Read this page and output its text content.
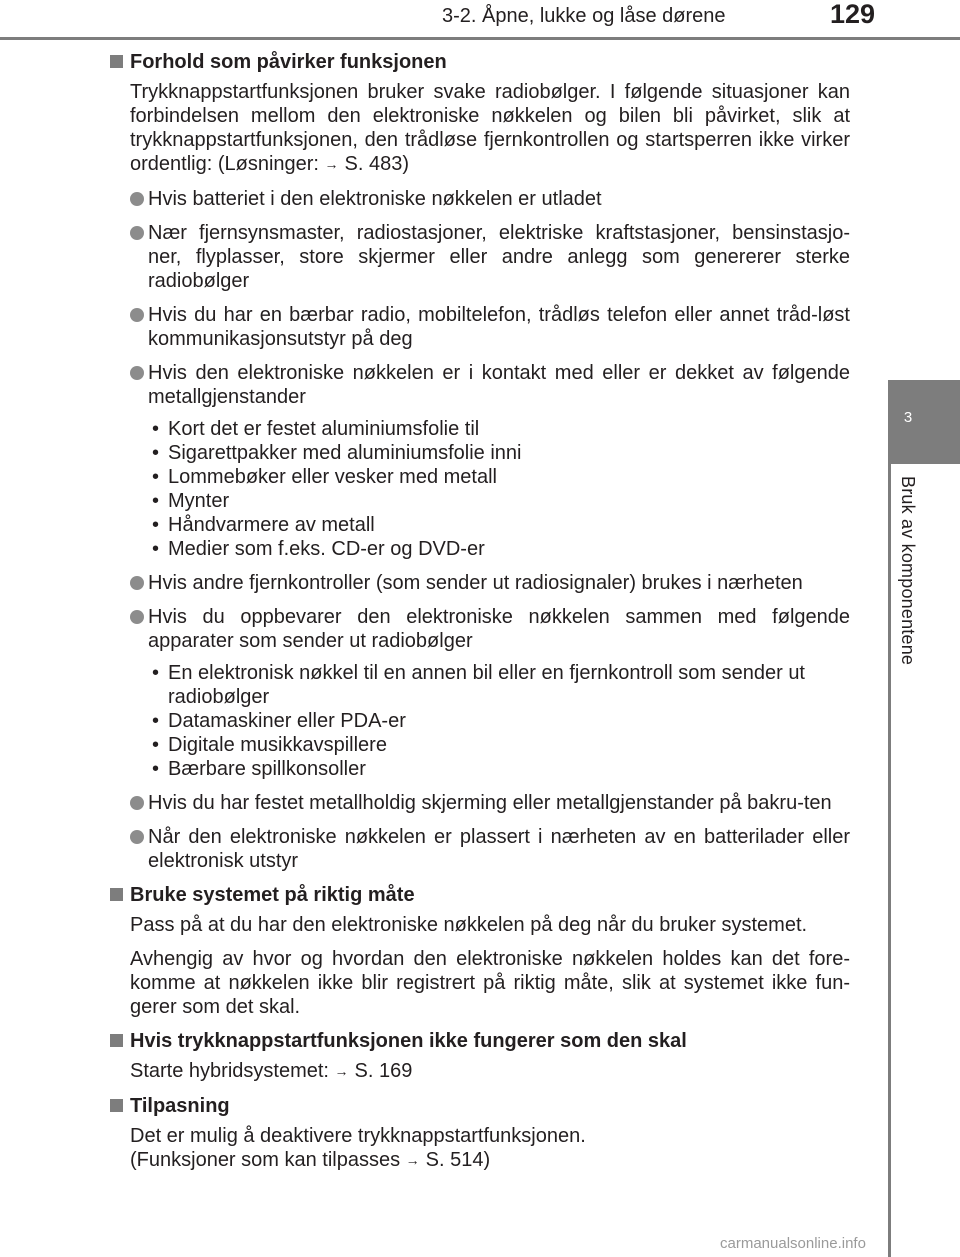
3-2. Åpne, lukke og låse dørene	129
3
Bruk av komponentene
Forhold som påvirker funksjonen

Trykknappstartfunksjonen bruker svake radiobølger. I følgende situasjoner kan forbindelsen mellom den elektroniske nøkkelen og bilen bli påvirket, slik at trykknappstartfunksjonen, den trådløse fjernkontrollen og startsperren ikke virker ordentlig: (Løsninger: → S. 483)

Hvis batteriet i den elektroniske nøkkelen er utladet
Nær fjernsynsmaster, radiostasjoner, elektriske kraftstasjoner, bensinstasjo-ner, flyplasser, store skjermer eller andre anlegg som genererer sterke radiobølger
Hvis du har en bærbar radio, mobiltelefon, trådløs telefon eller annet tråd-løst kommunikasjonsutstyr på deg
Hvis den elektroniske nøkkelen er i kontakt med eller er dekket av følgende metallgjenstander
• Kort det er festet aluminiumsfolie til
• Sigarettpakker med aluminiumsfolie inni
• Lommebøker eller vesker med metall
• Mynter
• Håndvarmere av metall
• Medier som f.eks. CD-er og DVD-er
Hvis andre fjernkontroller (som sender ut radiosignaler) brukes i nærheten
Hvis du oppbevarer den elektroniske nøkkelen sammen med følgende apparater som sender ut radiobølger
• En elektronisk nøkkel til en annen bil eller en fjernkontroll som sender ut radiobølger
• Datamaskiner eller PDA-er
• Digitale musikkavspillere
• Bærbare spillkonsoller
Hvis du har festet metallholdig skjerming eller metallgjenstander på bakru-ten
Når den elektroniske nøkkelen er plassert i nærheten av en batterilader eller elektronisk utstyr
Bruke systemet på riktig måte

Pass på at du har den elektroniske nøkkelen på deg når du bruker systemet.

Avhengig av hvor og hvordan den elektroniske nøkkelen holdes kan det fore-komme at nøkkelen ikke blir registrert på riktig måte, slik at systemet ikke fun-gerer som det skal.

Hvis trykknappstartfunksjonen ikke fungerer som den skal

Starte hybridsystemet: → S. 169

Tilpasning

Det er mulig å deaktivere trykknappstartfunksjonen.
(Funksjoner som kan tilpasses → S. 514)

carmanualsonline.info
